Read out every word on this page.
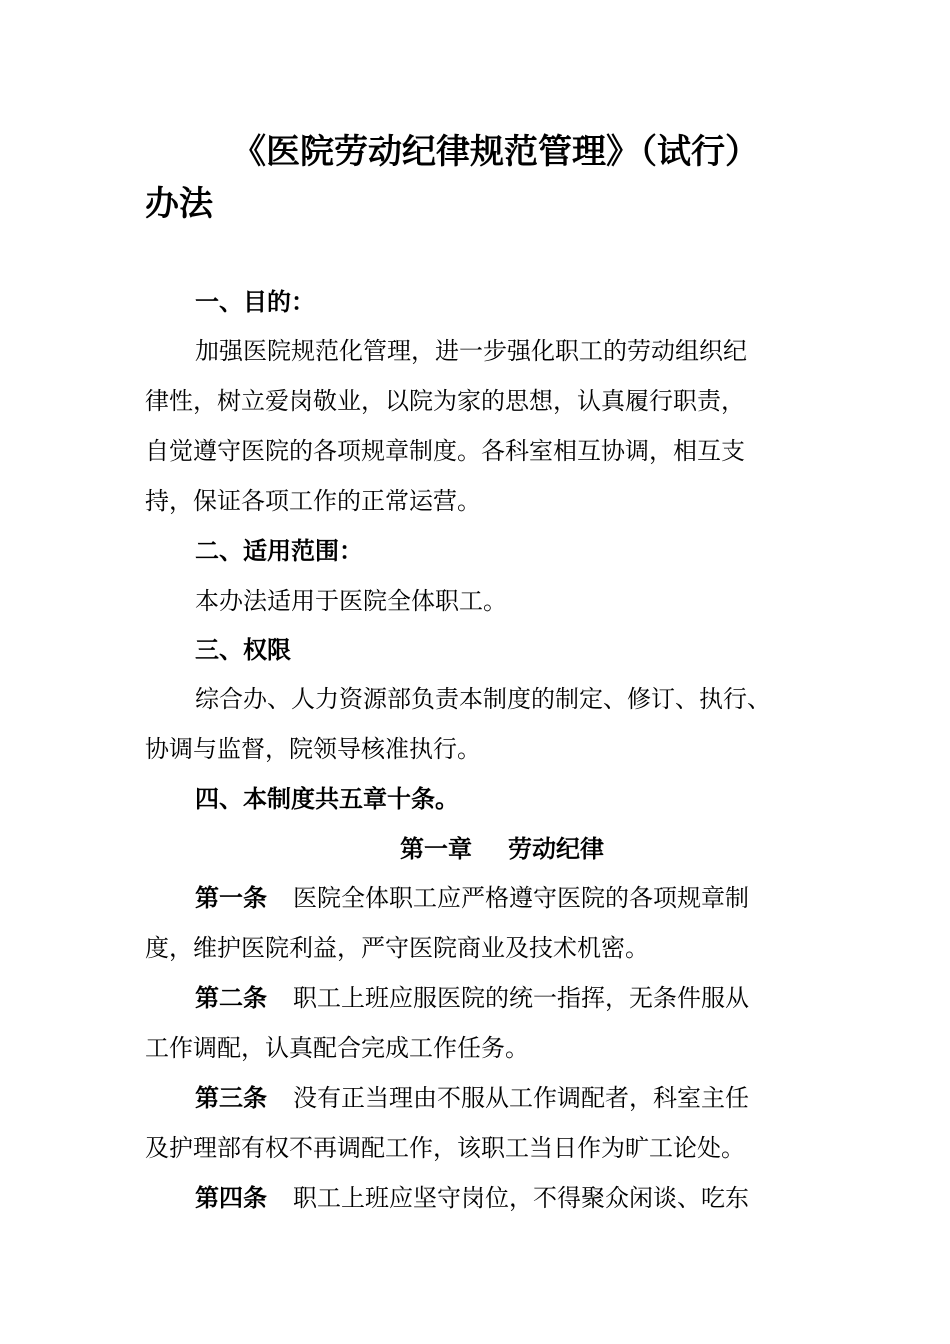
《医院劳动纪律规范管理》（试行）
办法
一、目的：
加强医院规范化管理，进一步强化职工的劳动组织纪
律性，树立爱岗敬业，以院为家的思想，认真履行职责，
自觉遵守医院的各项规章制度。各科室相互协调，相互支
持，保证各项工作的正常运营。
二、适用范围：
本办法适用于医院全体职工。
三、权限
综合办、人力资源部负责本制度的制定、修订、执行、
协调与监督，院领导核准执行。
四、本制度共五章十条。
第一章 劳动纪律
第一条 医院全体职工应严格遵守医院的各项规章制
度，维护医院利益，严守医院商业及技术机密。
第二条 职工上班应服医院的统一指挥，无条件服从
工作调配，认真配合完成工作任务。
第三条 没有正当理由不服从工作调配者，科室主任
及护理部有权不再调配工作，该职工当日作为旷工论处。
第四条 职工上班应坚守岗位，不得聚众闲谈、吃东
